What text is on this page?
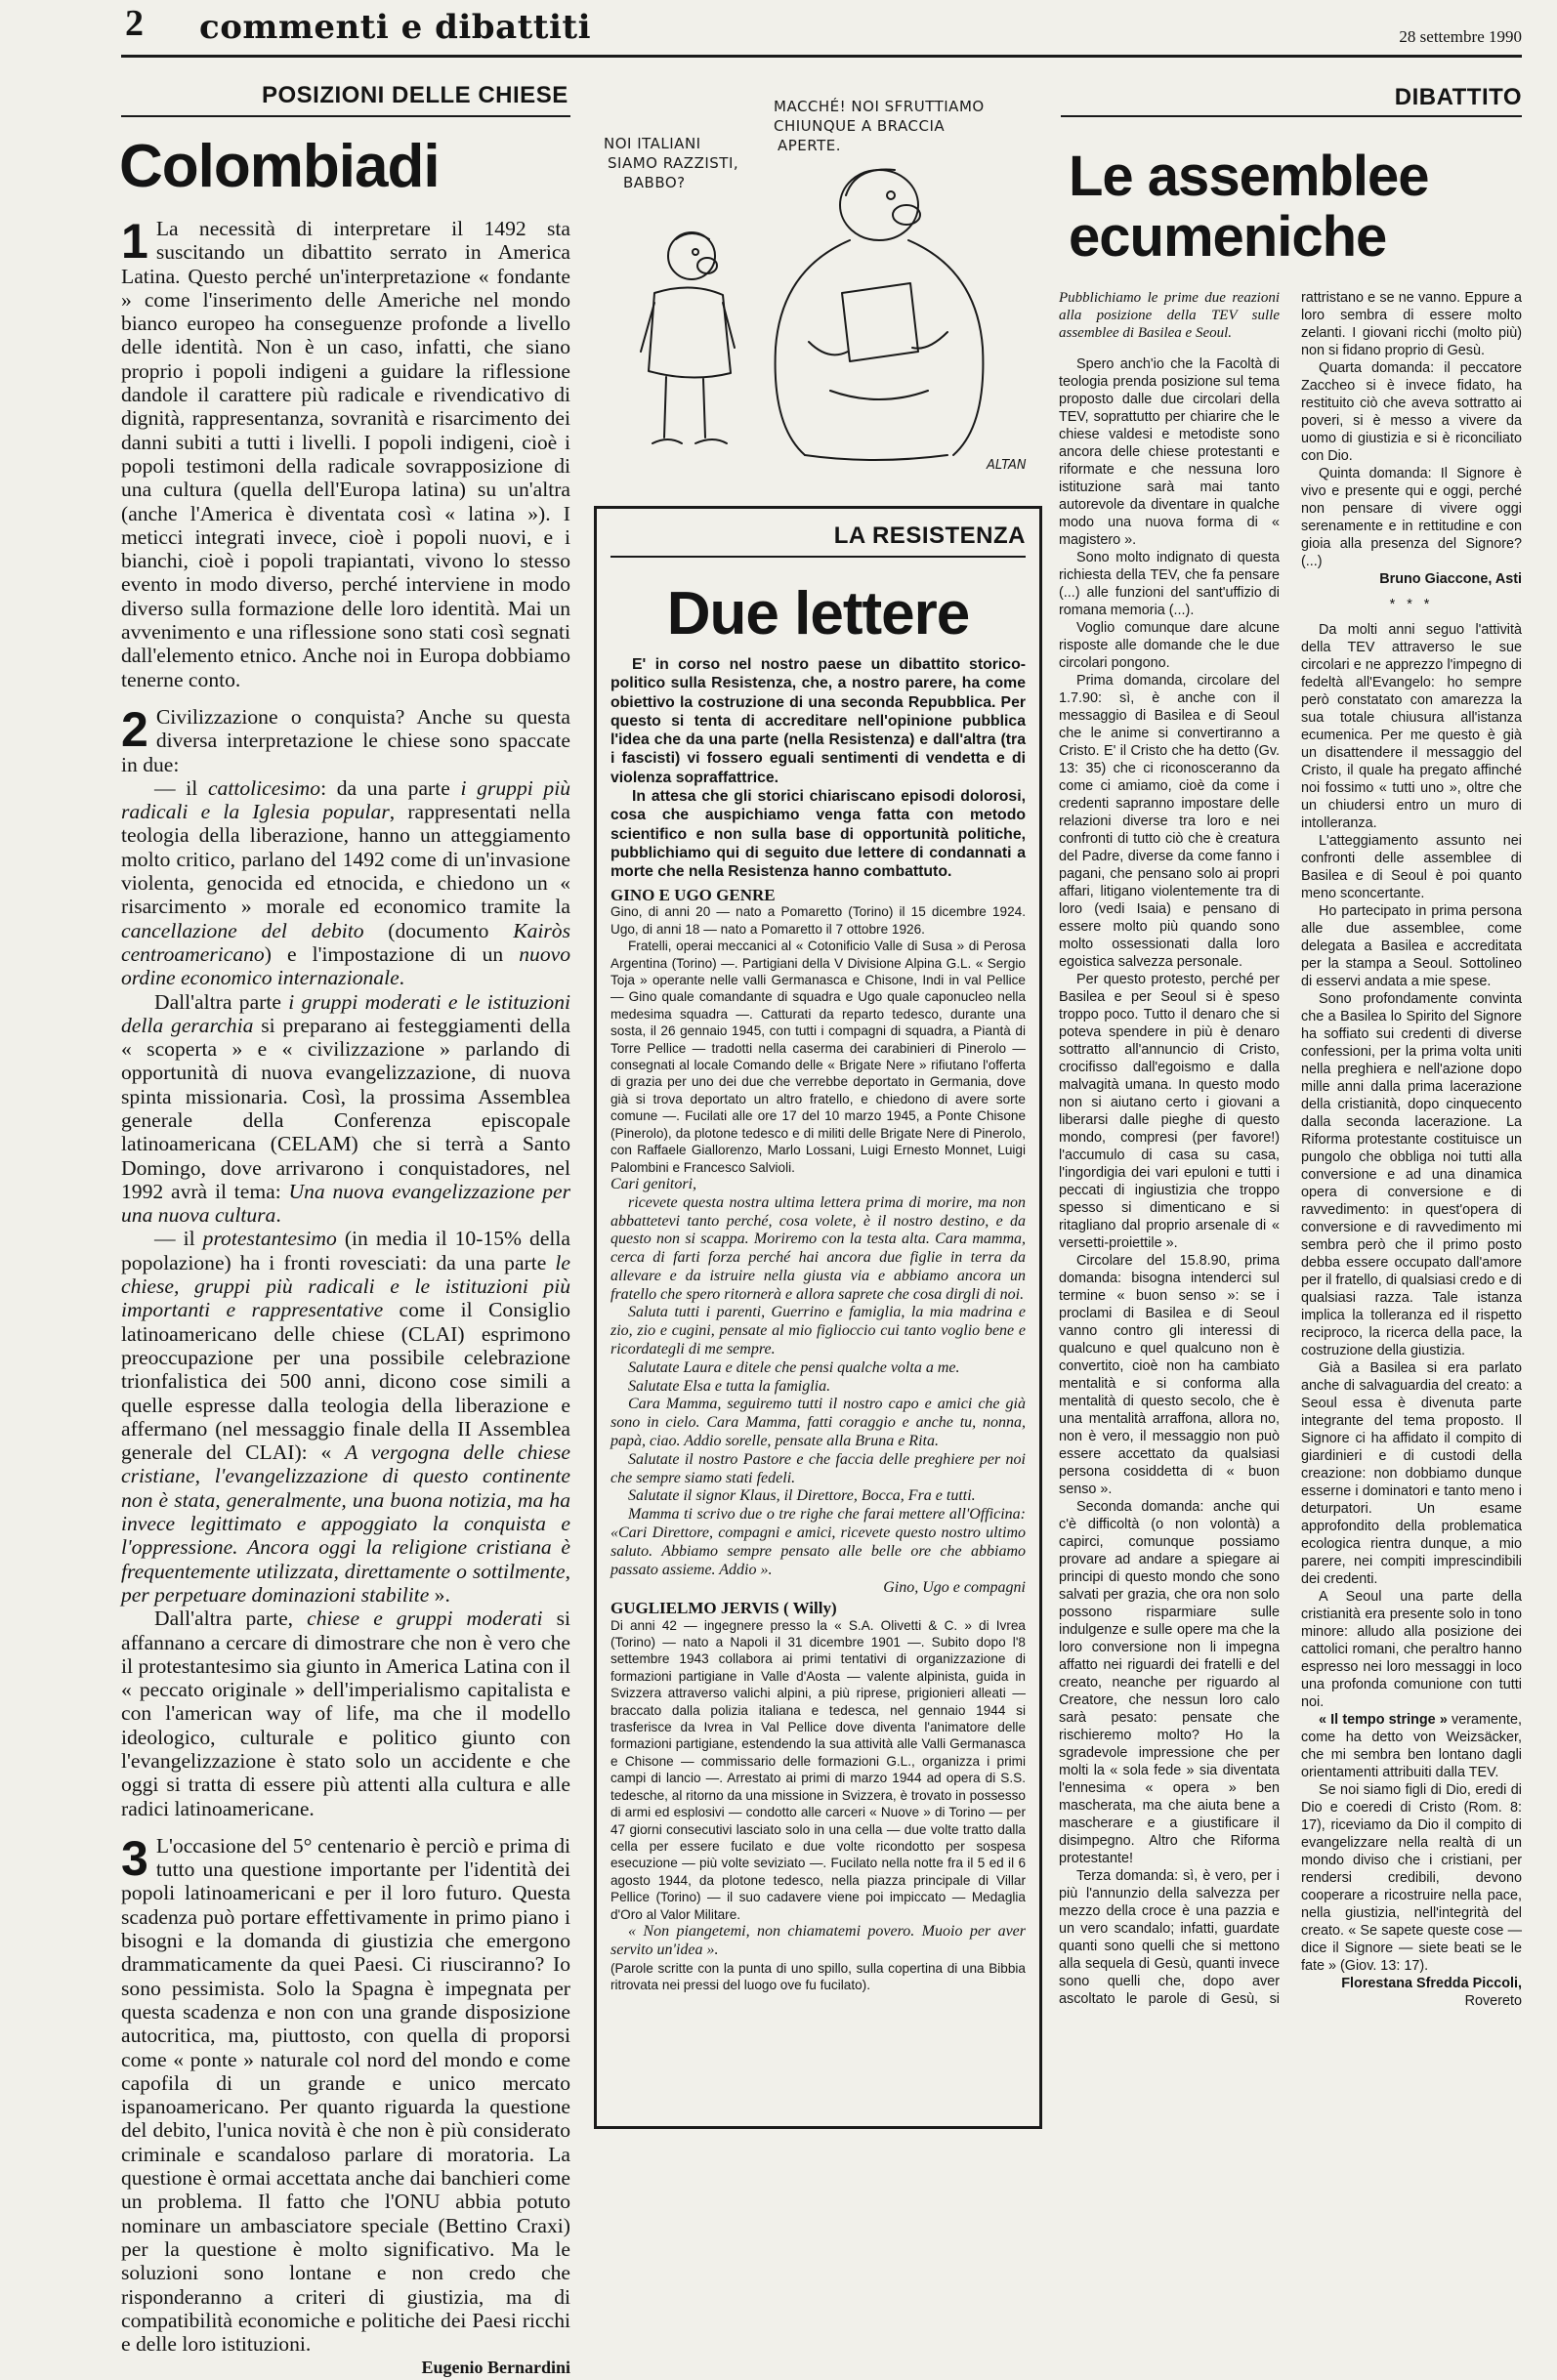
2 commenti e dibattiti	28 settembre 1990
POSIZIONI DELLE CHIESE
Colombiadi

1 La necessità di interpretare il 1492 sta suscitando un dibattito serrato in America Latina. Questo perché un'interpretazione « fondante » come l'inserimento delle Americhe nel mondo bianco europeo ha conseguenze profonde a livello delle identità. Non è un caso, infatti, che siano proprio i popoli indigeni a guidare la riflessione dandole il carattere più radicale e rivendicativo di dignità, rappresentanza, sovranità e risarcimento dei danni subiti a tutti i livelli. I popoli indigeni, cioè i popoli testimoni della radicale sovrapposizione di una cultura (quella dell'Europa latina) su un'altra (anche l'America è diventata così « latina »). I meticci integrati invece, cioè i popoli nuovi, e i bianchi, cioè i popoli trapiantati, vivono lo stesso evento in modo diverso, perché interviene in modo diverso sulla formazione delle loro identità. Mai un avvenimento e una riflessione sono stati così segnati dall'elemento etnico. Anche noi in Europa dobbiamo tenerne conto.

2 Civilizzazione o conquista? Anche su questa diversa interpretazione le chiese sono spaccate in due:

— il cattolicesimo: da una parte i gruppi più radicali e la Iglesia popular, rappresentati nella teologia della liberazione, hanno un atteggiamento molto critico, parlano del 1492 come di un'invasione violenta, genocida ed etnocida, e chiedono un « risarcimento » morale ed economico tramite la cancellazione del debito (documento Kairòs centroamericano) e l'impostazione di un nuovo ordine economico internazionale.

Dall'altra parte i gruppi moderati e le istituzioni della gerarchia si preparano ai festeggiamenti della « scoperta » e « civilizzazione » parlando di opportunità di nuova evangelizzazione, di nuova spinta missionaria. Così, la prossima Assemblea generale della Conferenza episcopale latinoamericana (CELAM) che si terrà a Santo Domingo, dove arrivarono i conquistadores, nel 1992 avrà il tema: Una nuova evangelizzazione per una nuova cultura.

— il protestantesimo (in media il 10-15% della popolazione) ha i fronti rovesciati: da una parte le chiese, gruppi più radicali e le istituzioni più importanti e rappresentative come il Consiglio latinoamericano delle chiese (CLAI) esprimono preoccupazione per una possibile celebrazione trionfalistica dei 500 anni, dicono cose simili a quelle espresse dalla teologia della liberazione e affermano (nel messaggio finale della II Assemblea generale del CLAI): « A vergogna delle chiese cristiane, l'evangelizzazione di questo continente non è stata, generalmente, una buona notizia, ma ha invece legittimato e appoggiato la conquista e l'oppressione. Ancora oggi la religione cristiana è frequentemente utilizzata, direttamente o sottilmente, per perpetuare dominazioni stabilite ».

Dall'altra parte, chiese e gruppi moderati si affannano a cercare di dimostrare che non è vero che il protestantesimo sia giunto in America Latina con il « peccato originale » dell'imperialismo capitalista e con l'american way of life, ma che il modello ideologico, culturale e politico giunto con l'evangelizzazione è stato solo un accidente e che oggi si tratta di essere più attenti alla cultura e alle radici latinoamericane.

3 L'occasione del 5° centenario è perciò e prima di tutto una questione importante per l'identità dei popoli latinoamericani e per il loro futuro. Questa scadenza può portare effettivamente in primo piano i bisogni e la domanda di giustizia che emergono drammaticamente da quei Paesi. Ci riusciranno? Io sono pessimista. Solo la Spagna è impegnata per questa scadenza e non con una grande disposizione autocritica, ma, piuttosto, con quella di proporsi come « ponte » naturale col nord del mondo e come capofila di un grande e unico mercato ispanoamericano. Per quanto riguarda la questione del debito, l'unica novità è che non è più considerato criminale e scandaloso parlare di moratoria. La questione è ormai accettata anche dai banchieri come un problema. Il fatto che l'ONU abbia potuto nominare un ambasciatore speciale (Bettino Craxi) per la questione è molto significativo. Ma le soluzioni sono lontane e non credo che risponderanno a criteri di giustizia, ma di compatibilità economiche e politiche dei Paesi ricchi e delle loro istituzioni.

Eugenio Bernardini
NOI ITALIANI
SIAMO RAZZISTI,
BABBO?
MACCHÉ! NOI SFRUTTIAMO
CHIUNQUE A BRACCIA
APERTE.
ALTAN
LA RESISTENZA
Due lettere

E' in corso nel nostro paese un dibattito storico-politico sulla Resistenza, che, a nostro parere, ha come obiettivo la costruzione di una seconda Repubblica. Per questo si tenta di accreditare nell'opinione pubblica l'idea che da una parte (nella Resistenza) e dall'altra (tra i fascisti) vi fossero eguali sentimenti di vendetta e di violenza sopraffattrice.

In attesa che gli storici chiariscano episodi dolorosi, cosa che auspichiamo venga fatta con metodo scientifico e non sulla base di opportunità politiche, pubblichiamo qui di seguito due lettere di condannati a morte che nella Resistenza hanno combattuto.

GINO E UGO GENRE

Gino, di anni 20 — nato a Pomaretto (Torino) il 15 dicembre 1924. Ugo, di anni 18 — nato a Pomaretto il 7 ottobre 1926.

Fratelli, operai meccanici al « Cotonificio Valle di Susa » di Perosa Argentina (Torino) —. Partigiani della V Divisione Alpina G.L. « Sergio Toja » operante nelle valli Germanasca e Chisone, Indi in val Pellice — Gino quale comandante di squadra e Ugo quale caponucleo nella medesima squadra —. Catturati da reparto tedesco, durante una sosta, il 26 gennaio 1945, con tutti i compagni di squadra, a Piantà di Torre Pellice — tradotti nella caserma dei carabinieri di Pinerolo — consegnati al locale Comando delle « Brigate Nere » rifiutano l'offerta di grazia per uno dei due che verrebbe deportato in Germania, dove già si trova deportato un altro fratello, e chiedono di avere sorte comune —. Fucilati alle ore 17 del 10 marzo 1945, a Ponte Chisone (Pinerolo), da plotone tedesco e di militi delle Brigate Nere di Pinerolo, con Raffaele Giallorenzo, Marlo Lossani, Luigi Ernesto Monnet, Luigi Palombini e Francesco Salvioli.

Cari genitori,

ricevete questa nostra ultima lettera prima di morire, ma non abbattetevi tanto perché, cosa volete, è il nostro destino, e da questo non si scappa. Moriremo con la testa alta. Cara mamma, cerca di farti forza perché hai ancora due figlie in terra da allevare e da istruire nella giusta via e abbiamo ancora un fratello che spero ritornerà e allora saprete che cosa dirgli di noi.

Saluta tutti i parenti, Guerrino e famiglia, la mia madrina e zio, zio e cugini, pensate al mio figlioccio cui tanto voglio bene e ricordategli di me sempre.

Salutate Laura e ditele che pensi qualche volta a me.

Salutate Elsa e tutta la famiglia.

Cara Mamma, seguiremo tutti il nostro capo e amici che già sono in cielo. Cara Mamma, fatti coraggio e anche tu, nonna, papà, ciao. Addio sorelle, pensate alla Bruna e Rita.

Salutate il nostro Pastore e che faccia delle preghiere per noi che sempre siamo stati fedeli.

Salutate il signor Klaus, il Direttore, Bocca, Fra e tutti.

Mamma ti scrivo due o tre righe che farai mettere all'Officina: «Cari Direttore, compagni e amici, ricevete questo nostro ultimo saluto. Abbiamo sempre pensato alle belle ore che abbiamo passato assieme. Addio ».

Gino, Ugo e compagni

GUGLIELMO JERVIS ( Willy)

Di anni 42 — ingegnere presso la « S.A. Olivetti & C. » di Ivrea (Torino) — nato a Napoli il 31 dicembre 1901 —. Subito dopo l'8 settembre 1943 collabora ai primi tentativi di organizzazione di formazioni partigiane in Valle d'Aosta — valente alpinista, guida in Svizzera attraverso valichi alpini, a più riprese, prigionieri alleati — braccato dalla polizia italiana e tedesca, nel gennaio 1944 si trasferisce da Ivrea in Val Pellice dove diventa l'animatore delle formazioni partigiane, estendendo la sua attività alle Valli Germanasca e Chisone — commissario delle formazioni G.L., organizza i primi campi di lancio —. Arrestato ai primi di marzo 1944 ad opera di S.S. tedesche, al ritorno da una missione in Svizzera, è trovato in possesso di armi ed esplosivi — condotto alle carceri « Nuove » di Torino — per 47 giorni consecutivi lasciato solo in una cella — due volte tratto dalla cella per essere fucilato e due volte ricondotto per sospesa esecuzione — più volte seviziato —. Fucilato nella notte fra il 5 ed il 6 agosto 1944, da plotone tedesco, nella piazza principale di Villar Pellice (Torino) — il suo cadavere viene poi impiccato — Medaglia d'Oro al Valor Militare.

« Non piangetemi, non chiamatemi povero. Muoio per aver servito un'idea ».

(Parole scritte con la punta di uno spillo, sulla copertina di una Bibbia ritrovata nei pressi del luogo ove fu fucilato).

DIBATTITO
Le assemblee
ecumeniche

Pubblichiamo le prime due reazioni alla posizione della TEV sulle assemblee di Basilea e Seoul.

Spero anch'io che la Facoltà di teologia prenda posizione sul tema proposto dalle due circolari della TEV, soprattutto per chiarire che le chiese valdesi e metodiste sono ancora delle chiese protestanti e riformate e che nessuna loro istituzione sarà mai tanto autorevole da diventare in qualche modo una nuova forma di « magistero ».

Sono molto indignato di questa richiesta della TEV, che fa pensare (...) alle funzioni del sant'uffizio di romana memoria (...).

Voglio comunque dare alcune risposte alle domande che le due circolari pongono.

Prima domanda, circolare del 1.7.90: sì, è anche con il messaggio di Basilea e di Seoul che le anime si convertiranno a Cristo. E' il Cristo che ha detto (Gv. 13: 35) che ci riconosceranno da come ci amiamo, cioè da come i credenti sapranno impostare delle relazioni diverse tra loro e nei confronti di tutto ciò che è creatura del Padre, diverse da come fanno i pagani, che pensano solo ai propri affari, litigano violentemente tra di loro (vedi Isaia) e pensano di essere molto più quando sono molto ossessionati dalla loro egoistica salvezza personale.

Per questo protesto, perché per Basilea e per Seoul si è speso troppo poco. Tutto il denaro che si poteva spendere in più è denaro sottratto all'annuncio di Cristo, crocifisso dall'egoismo e dalla malvagità umana. In questo modo non si aiutano certo i giovani a liberarsi dalle pieghe di questo mondo, compresi (per favore!) l'accumulo di casa su casa, l'ingordigia dei vari epuloni e tutti i peccati di ingiustizia che troppo spesso si dimenticano e si ritagliano dal proprio arsenale di « versetti-proiettile ».

Circolare del 15.8.90, prima domanda: bisogna intenderci sul termine « buon senso »: se i proclami di Basilea e di Seoul vanno contro gli interessi di qualcuno e quel qualcuno non è convertito, cioè non ha cambiato mentalità e si conforma alla mentalità di questo secolo, che è una mentalità arraffona, allora no, non è vero, il messaggio non può essere accettato da qualsiasi persona cosiddetta di « buon senso ».

Seconda domanda: anche qui c'è difficoltà (o non volontà) a capirci, comunque possiamo provare ad andare a spiegare ai principi di questo mondo che sono salvati per grazia, che ora non solo possono risparmiare sulle indulgenze e sulle opere ma che la loro conversione non li impegna affatto nei riguardi dei fratelli e del creato, neanche per riguardo al Creatore, che nessun loro calo sarà pesato: pensate che rischieremo molto? Ho la sgradevole impressione che per molti la « sola fede » sia diventata l'ennesima « opera » ben mascherata, ma che aiuta bene a mascherare e a giustificare il disimpegno. Altro che Riforma protestante!

Terza domanda: sì, è vero, per i più l'annunzio della salvezza per mezzo della croce è una pazzia e un vero scandalo; infatti, guardate quanti sono quelli che si mettono alla sequela di Gesù, quanti invece sono quelli che, dopo aver ascoltato le parole di Gesù, si rattristano e se ne vanno. Eppure a loro sembra di essere molto zelanti. I giovani ricchi (molto più) non si fidano proprio di Gesù.

Quarta domanda: il peccatore Zaccheo si è invece fidato, ha restituito ciò che aveva sottratto ai poveri, si è messo a vivere da uomo di giustizia e si è riconciliato con Dio.

Quinta domanda: Il Signore è vivo e presente qui e oggi, perché non pensare di vivere oggi serenamente e in rettitudine e con gioia alla presenza del Signore? (...)

Bruno Giaccone, Asti

* * *

Da molti anni seguo l'attività della TEV attraverso le sue circolari e ne apprezzo l'impegno di fedeltà all'Evangelo: ho sempre però constatato con amarezza la sua totale chiusura all'istanza ecumenica. Per me questo è già un disattendere il messaggio del Cristo, il quale ha pregato affinché noi fossimo « tutti uno », oltre che un chiudersi entro un muro di intolleranza.

L'atteggiamento assunto nei confronti delle assemblee di Basilea e di Seoul è poi quanto meno sconcertante.

Ho partecipato in prima persona alle due assemblee, come delegata a Basilea e accreditata per la stampa a Seoul. Sottolineo di esservi andata a mie spese.

Sono profondamente convinta che a Basilea lo Spirito del Signore ha soffiato sui credenti di diverse confessioni, per la prima volta uniti nella preghiera e nell'azione dopo mille anni dalla prima lacerazione della cristianità, dopo cinquecento dalla seconda lacerazione. La Riforma protestante costituisce un pungolo che obbliga noi tutti alla conversione e ad una dinamica opera di conversione e di ravvedimento: in quest'opera di conversione e di ravvedimento mi sembra però che il primo posto debba essere occupato dall'amore per il fratello, di qualsiasi credo e di qualsiasi razza. Tale istanza implica la tolleranza ed il rispetto reciproco, la ricerca della pace, la costruzione della giustizia.

Già a Basilea si era parlato anche di salvaguardia del creato: a Seoul essa è divenuta parte integrante del tema proposto. Il Signore ci ha affidato il compito di giardinieri e di custodi della creazione: non dobbiamo dunque esserne i dominatori e tanto meno i deturpatori. Un esame approfondito della problematica ecologica rientra dunque, a mio parere, nei compiti imprescindibili dei credenti.

A Seoul una parte della cristianità era presente solo in tono minore: alludo alla posizione dei cattolici romani, che peraltro hanno espresso nei loro messaggi in loco una profonda comunione con tutti noi.

« Il tempo stringe » veramente, come ha detto von Weizsäcker, che mi sembra ben lontano dagli orientamenti attribuiti dalla TEV.

Se noi siamo figli di Dio, eredi di Dio e coeredi di Cristo (Rom. 8: 17), riceviamo da Dio il compito di evangelizzare nella realtà di un mondo diviso che i cristiani, per rendersi credibili, devono cooperare a ricostruire nella pace, nella giustizia, nell'integrità del creato. « Se sapete queste cose — dice il Signore — siete beati se le fate » (Giov. 13: 17).

Florestana Sfredda Piccoli,

Rovereto
